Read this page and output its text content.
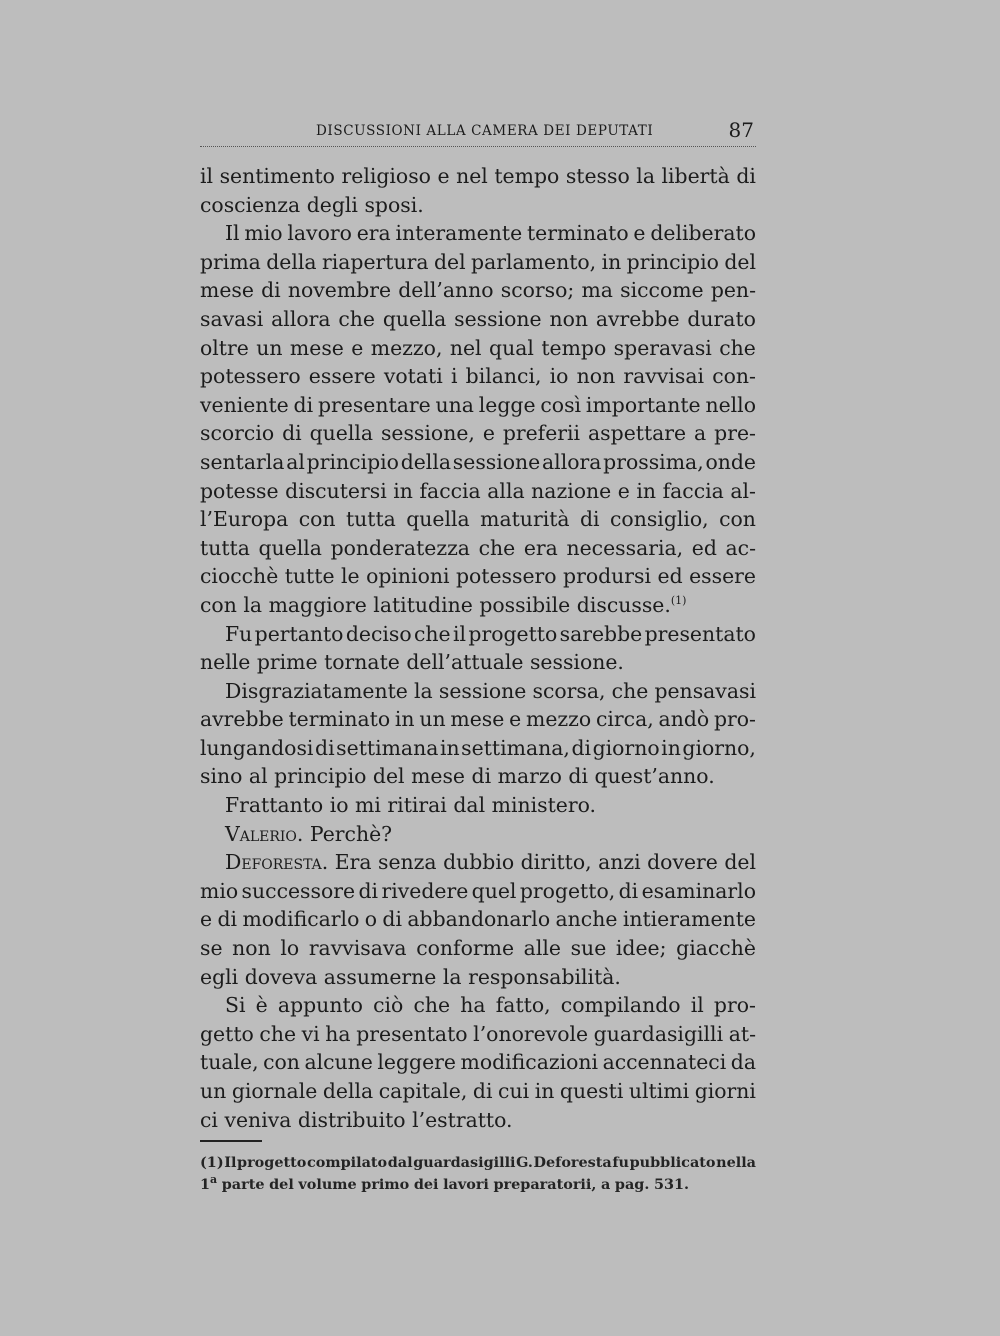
DISCUSSIONI ALLA CAMERA DEI DEPUTATI	87
il sentimento religioso e nel tempo stesso la libertà di
coscienza degli sposi.
Il mio lavoro era interamente terminato e deliberato
prima della riapertura del parlamento, in principio del
mese di novembre dell’anno scorso; ma siccome pen-
savasi allora che quella sessione non avrebbe durato
oltre un mese e mezzo, nel qual tempo speravasi che
potessero essere votati i bilanci, io non ravvisai con-
veniente di presentare una legge così importante nello
scorcio di quella sessione, e preferii aspettare a pre-
sentarla al principio della sessione allora prossima, onde
potesse discutersi in faccia alla nazione e in faccia al-
l’Europa con tutta quella maturità di consiglio, con
tutta quella ponderatezza che era necessaria, ed ac-
ciocchè tutte le opinioni potessero prodursi ed essere
con la maggiore latitudine possibile discusse.$^{(1)}$
Fu pertanto deciso che il progetto sarebbe presentato
nelle prime tornate dell’attuale sessione.
Disgraziatamente la sessione scorsa, che pensavasi
avrebbe terminato in un mese e mezzo circa, andò pro-
lungandosi di settimana in settimana, di giorno in giorno,
sino al principio del mese di marzo di quest’anno.
Frattanto io mi ritirai dal ministero.
Valerio. Perchè?
Deforesta. Era senza dubbio diritto, anzi dovere del
mio successore di rivedere quel progetto, di esaminarlo
e di modificarlo o di abbandonarlo anche intieramente
se non lo ravvisava conforme alle sue idee; giacchè
egli doveva assumerne la responsabilità.
Si è appunto ciò che ha fatto, compilando il pro-
getto che vi ha presentato l’onorevole guardasigilli at-
tuale, con alcune leggere modificazioni accennateci da
un giornale della capitale, di cui in questi ultimi giorni
ci veniva distribuito l’estratto.
(1) Il progetto compilato dal guardasigilli G. Deforesta fu pubblicato nella
1$^a$ parte del volume primo dei lavori preparatorii, a pag. 531.
